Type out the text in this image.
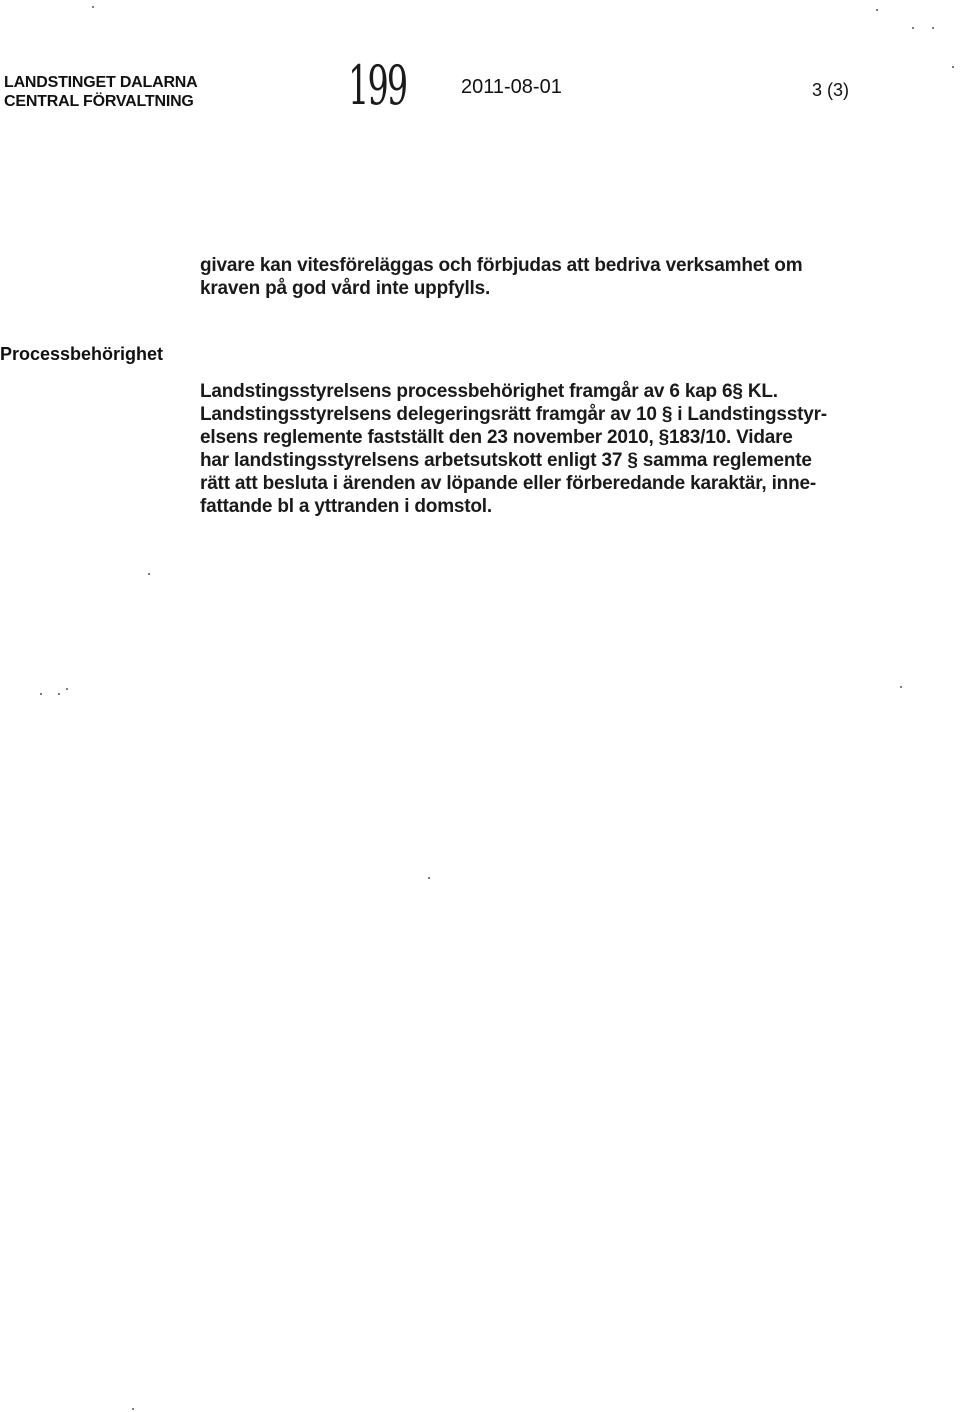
LANDSTINGET DALARNA
CENTRAL FÖRVALTNING	199	2011-08-01	3 (3)
givare kan vitesföreläggas och förbjudas att bedriva verksamhet om
kraven på god vård inte uppfylls.
Processbehörighet
Landstingsstyrelsens processbehörighet framgår av 6 kap 6§ KL.
Landstingsstyrelsens delegeringsrätt framgår av 10 § i Landstingsstyr-
elsens reglemente fastställt den 23 november 2010, §183/10. Vidare
har landstingsstyrelsens arbetsutskott enligt 37 § samma reglemente
rätt att besluta i ärenden av löpande eller förberedande karaktär, inne-
fattande bl a yttranden i domstol.
